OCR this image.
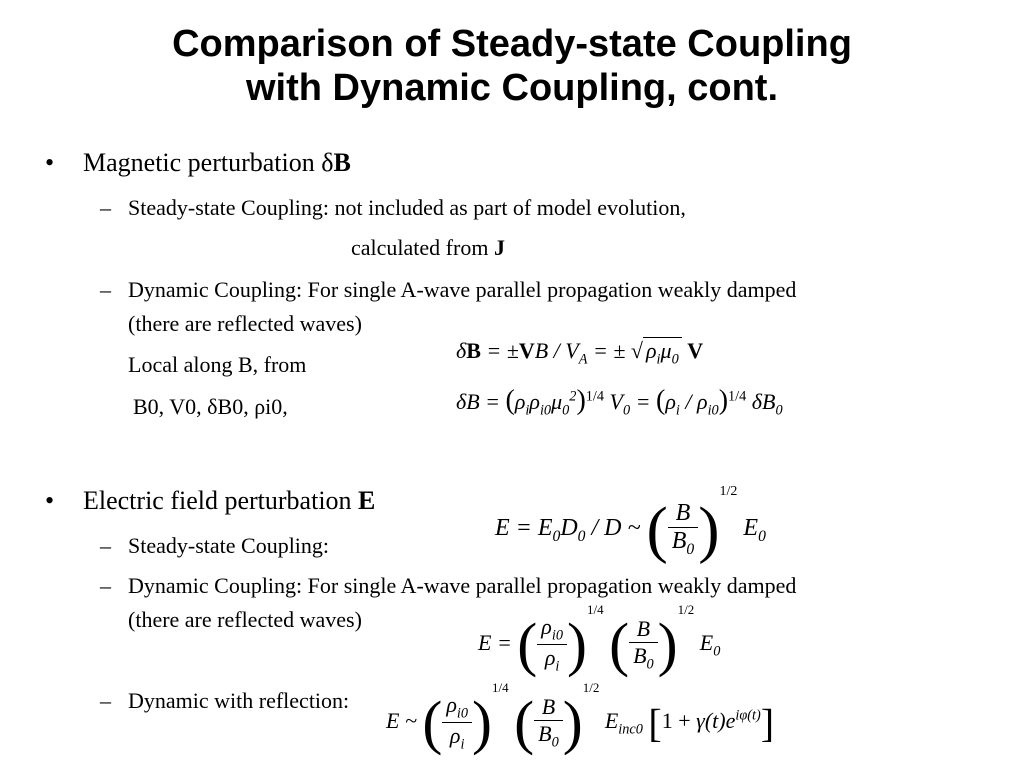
Comparison of Steady-state Coupling
with Dynamic Coupling, cont.
• Magnetic perturbation δB
– Steady-state Coupling: not included as part of model evolution,
calculated from J
– Dynamic Coupling: For single A-wave parallel propagation weakly damped
(there are reflected waves)
Local along B, from
B0, V0, δB0, ρi0,
$\delta B = \pm VB / V_A$ = ± √ $\rho_i\mu_0$ V
$\delta B = (\rho_i\rho_{i0}\mu_0^2)^{1/4}$ $V_0 = (\rho_i / \rho_{i0})^{1/4}$ $\delta B_0$
• Electric field perturbation E
– Steady-state Coupling:
– Dynamic Coupling: For single A-wave parallel propagation weakly damped
(there are reflected waves)
– Dynamic with reflection:
$E = E_0D_0 / D$ ~ ( $\frac{B}{B_0} )^{1/2}$ $E_0$
E = ( $\frac{\rho_{i0}}{\rho_i} )^{1/4}$ ( $\frac{B}{B_0} )^{1/2}$ $E_0$
E ~ ( $\frac{\rho_{i0}}{\rho_i} )^{1/4}$ ( $\frac{B}{B_0} )^{1/2}$ $E_{inc0}$ $[1 + \gamma(t)e^{i\varphi(t)}]$
